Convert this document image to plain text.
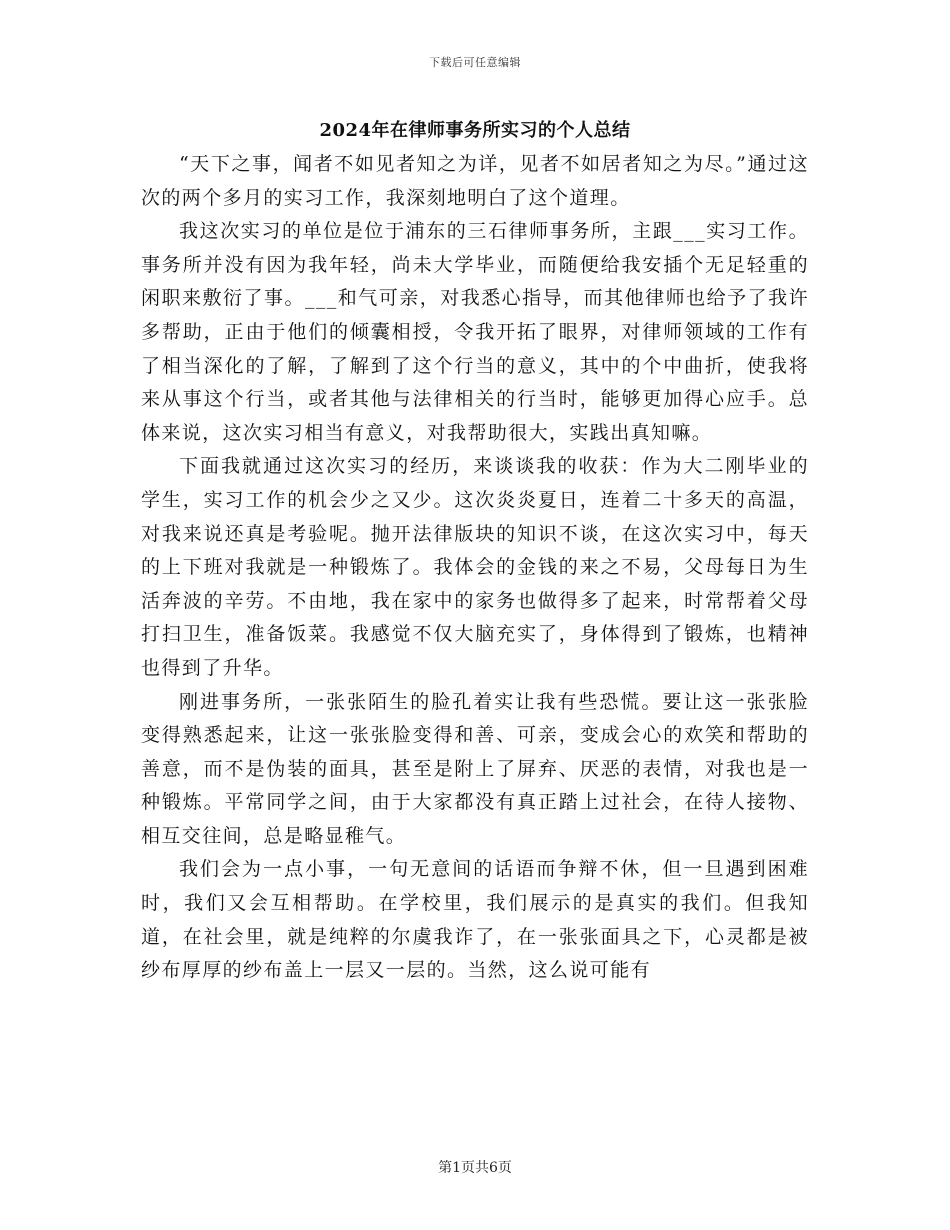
下载后可任意编辑
2024年在律师事务所实习的个人总结

“天下之事，闻者不如见者知之为详，见者不如居者知之为尽。”通过这次的两个多月的实习工作，我深刻地明白了这个道理。

我这次实习的单位是位于浦东的三石律师事务所，主跟___实习工作。事务所并没有因为我年轻，尚未大学毕业，而随便给我安插个无足轻重的闲职来敷衍了事。___和气可亲，对我悉心指导，而其他律师也给予了我许多帮助，正由于他们的倾囊相授，令我开拓了眼界，对律师领域的工作有了相当深化的了解，了解到了这个行当的意义，其中的个中曲折，使我将来从事这个行当，或者其他与法律相关的行当时，能够更加得心应手。总体来说，这次实习相当有意义，对我帮助很大，实践出真知嘛。

下面我就通过这次实习的经历，来谈谈我的收获：作为大二刚毕业的学生，实习工作的机会少之又少。这次炎炎夏日，连着二十多天的高温，对我来说还真是考验呢。抛开法律版块的知识不谈，在这次实习中，每天的上下班对我就是一种锻炼了。我体会的金钱的来之不易，父母每日为生活奔波的辛劳。不由地，我在家中的家务也做得多了起来，时常帮着父母打扫卫生，准备饭菜。我感觉不仅大脑充实了，身体得到了锻炼，也精神也得到了升华。

刚进事务所，一张张陌生的脸孔着实让我有些恐慌。要让这一张张脸变得熟悉起来，让这一张张脸变得和善、可亲，变成会心的欢笑和帮助的善意，而不是伪装的面具，甚至是附上了屏弃、厌恶的表情，对我也是一种锻炼。平常同学之间，由于大家都没有真正踏上过社会，在待人接物、相互交往间，总是略显稚气。

我们会为一点小事，一句无意间的话语而争辩不休，但一旦遇到困难时，我们又会互相帮助。在学校里，我们展示的是真实的我们。但我知道，在社会里，就是纯粹的尔虞我诈了，在一张张面具之下，心灵都是被纱布厚厚的纱布盖上一层又一层的。当然，这么说可能有

第1页共6页
